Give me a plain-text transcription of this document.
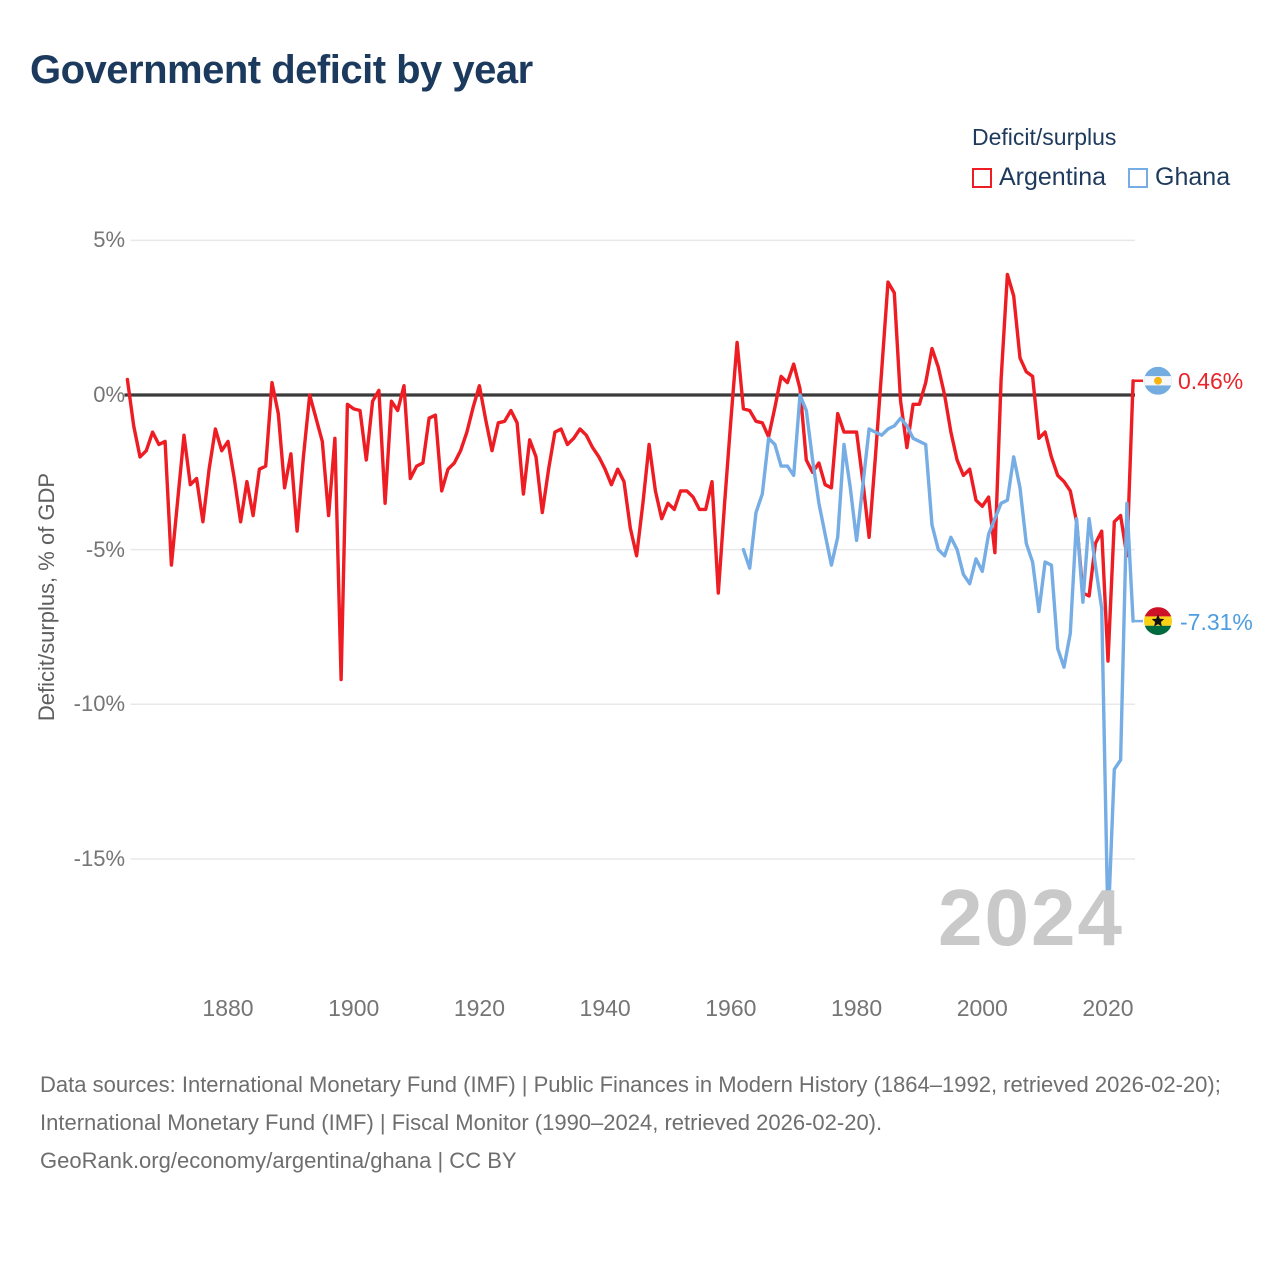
Government deficit by year
Deficit/surplus
Argentina Ghana
5%
0%
-5%
-10%
-15%
1880	1900	1920	1940	1960	1980	2000	2020
Deficit/surplus, % of GDP
2024
0.46%
-7.31%
Data sources: International Monetary Fund (IMF) | Public Finances in Modern History (1864–1992, retrieved 2026-02-20); International Monetary Fund (IMF) | Fiscal Monitor (1990–2024, retrieved 2026-02-20).
GeoRank.org/economy/argentina/ghana | CC BY
